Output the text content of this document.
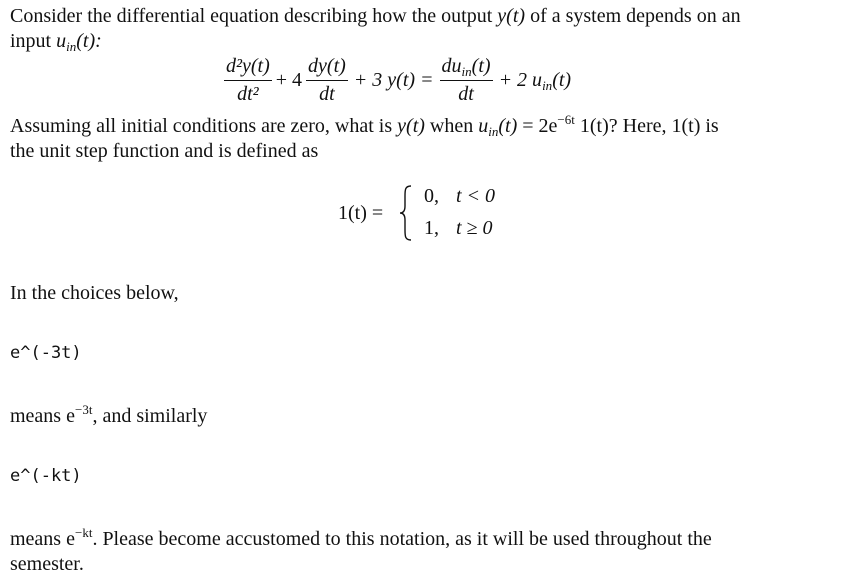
Consider the differential equation describing how the output y(t) of a system depends on an
input $u_{in}(t)$:
$\frac{\text{d²y(t)}}{\text{dt²}} + 4 \frac{dy(t)}{dt} + 3$ $y(t) = \frac{du_{in}(t)}{dt} + 2$ $u_{in}(t)$
Assuming all initial conditions are zero, what is y(t) when $u_{in}(t) = 2e^{-6t}$ 1(t)? Here, 1(t) is
the unit step function and is defined as
1(t) =
0, t < 0
1, t ≥ 0
In the choices below,
e^(-3t)
means $e^{-3t}$, and similarly
e^(-kt)
means $e^{-kt}$. Please become accustomed to this notation, as it will be used throughout the
semester.
